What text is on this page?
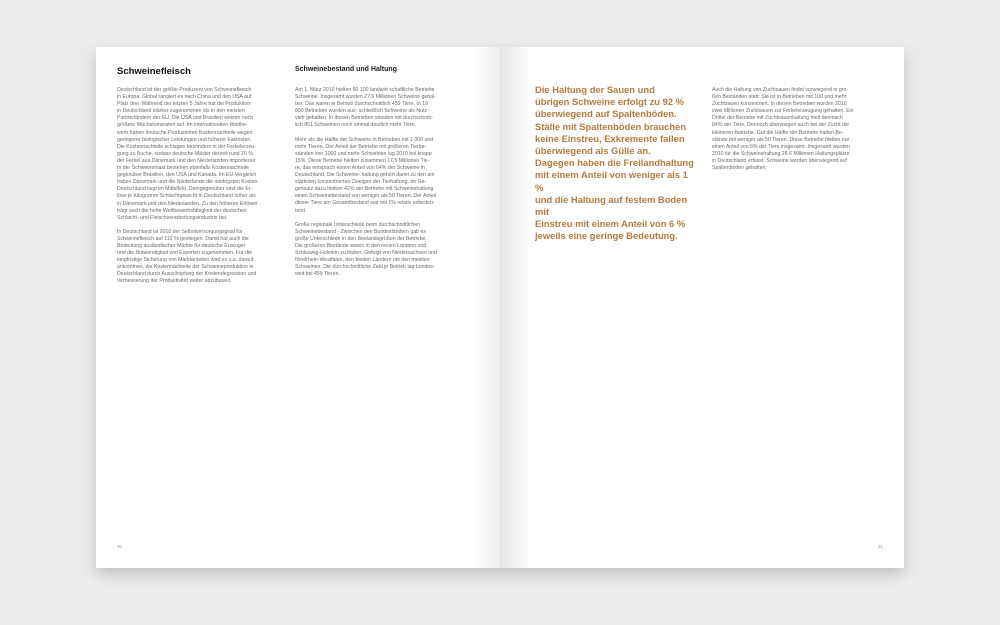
Schweinefleisch

Deutschland ist der größte Produzent von Schweinefleisch
in Europa. Global rangiert es nach China und den USA auf
Platz drei. Während der letzten 5 Jahre hat die Produktion
in Deutschland stärker zugenommen als in den meisten
Partnerländern der EU. Die USA und Brasilien weisen noch
größere Wachstumsraten auf. Im internationalen Wettbe-
werb haben deutsche Produzenten Kostennachteile wegen
geringerer biologischer Leistungen und höherer Faktosten.
Die Kostennachteile schlagen besonders in der Ferkelerzeu-
gung zu Buche, sodass deutsche Mäster derzeit rund 20 %
der Ferkel aus Dänemark und den Niederlanden importieren.
In der Schweinemast bestehen ebenfalls Kostennachteile
gegenüber Brasilien, den USA und Kanada. Im EU-Vergleich
haben Dänemark und die Niederlande die niedrigsten Kosten.
Deutschland liegt im Mittelfeld. Demgegenüber sind die Er-
löse je Kilogramm Schlachtgewicht in Deutschland höher als
in Dänemark und den Niederlanden. Zu den höheren Erlösen
trägt auch die hohe Wettbewerbsfähigkeit der deutschen
Schlacht- und Fleischverarbeitungsindustrie bei.

In Deutschland ist 2010 der Selbstversorgungsgrad für
Schweinefleisch auf 110 % gestiegen. Damit hat auch die
Bedeutung ausländischer Märkte für deutsche Erzeuger
und die Notwendigkeit von Exporten zugenommen. Für die
langfristige Sicherung von Marktanteilen wird es u.a. darauf
ankommen, die Kostennachteile der Schweineproduktion in
Deutschland durch Ausschöpfung der Kostendegression und
Verbesserung der Produktivität weiter abzubauen.

Schweinebestand und Haltung

Am 1. März 2010 hielten 60 100 landwirt schaftliche Betriebe
Schweine. Insgesamt wurden 27,6 Millionen Schweine gehal-
ten. Das waren je Betrieb durchschnittlich 459 Tiere. In 19
800 Betrieben wurden aus- schließlich Schweine als Nutz-
vieh gehalten. In diesen Betrieben standen mit durchschnitt-
lich 851 Schweinen noch einmal deutlich mehr Tiere.

Mehr als die Hälfte der Schweine in Betrieben mit 1 000 und
mehr Tieren. Der Anteil der Betriebe mit größeren Tierbe-
ständen von 1000 und mehr Schweinen lag 2010 bei knapp
15%. Diese Betriebe hielten zusammen 17,5 Millionen Tie-
re, das entsprach einem Anteil von 64% der Schweine in
Deutschland. Die Schweine- haltung gehört damit zu den am
stärksten konzentrierten Zweigen der Tierhaltung. Im Ge-
gensatz dazu hielten 42% der Betriebe mit Schweinehaltung
einen Schweinebestand von weniger als 50 Tieren. Der Anteil
dieser Tiere am Gesamtbestand war mit 1% relativ unbedeu-
tend.

Große regionale Unterschiede beim durchschnittlichen
Schweinebestand - Zwischen den Bundesländern gab es
große Unterschiede in den Bestandsgrößen der Betriebe.
Die größeren Bestände waren in den neuen Ländern und
Schleswig-Holstein zu finden. Gefolgt von Niedersachsen und
Nordrhein-Westfalen, den beiden Ländern mit den meisten
Schweinen. Die durchschnittliche Zahl je Betrieb lag bundes-
weit bei 459 Tieren.

30

Die Haltung der Sauen und
übrigen Schweine erfolgt zu 92 %
überwiegend auf Spaltenböden.
Ställe mit Spaltenböden brauchen
keine Einstreu, Exkremente fallen
überwiegend als Gülle an.
Dagegen haben die Freilandhaltung
mit einem Anteil von weniger als 1 %
und die Haltung auf festem Boden mit
Einstreu mit einem Anteil von 6 %
jeweils eine geringe Bedeutung.

Auch die Haltung von Zuchtsauen findet vorwiegend in gro-
ßen Beständen statt: Sie ist in Betrieben mit 100 und mehr
Zuchtsauen konzentriert. In diesen Betrieben wurden 2010
zwei Millionen Zuchtsauen zur Ferkelerzeugung gehalten. Ein
Drittel der Betriebe mit Zuchtsauenhaltung hielt demnach
84% der Tiere. Dennoch überwiegen auch bei der Zucht die
kleineren Betriebe. Gut die Hälfte der Betriebe hatten Be-
stände mit weniger als 50 Tieren. Diese Betriebe hielten nur
einen Anteil von 6% der Tiere insgesamt. Insgesamt wurden
2010 für die Schweinehaltung 28,6 Millionen Haltungsplätze
in Deutschland erfasst. Schweine werden überwiegend auf
Spaltenböden gehalten.

31
